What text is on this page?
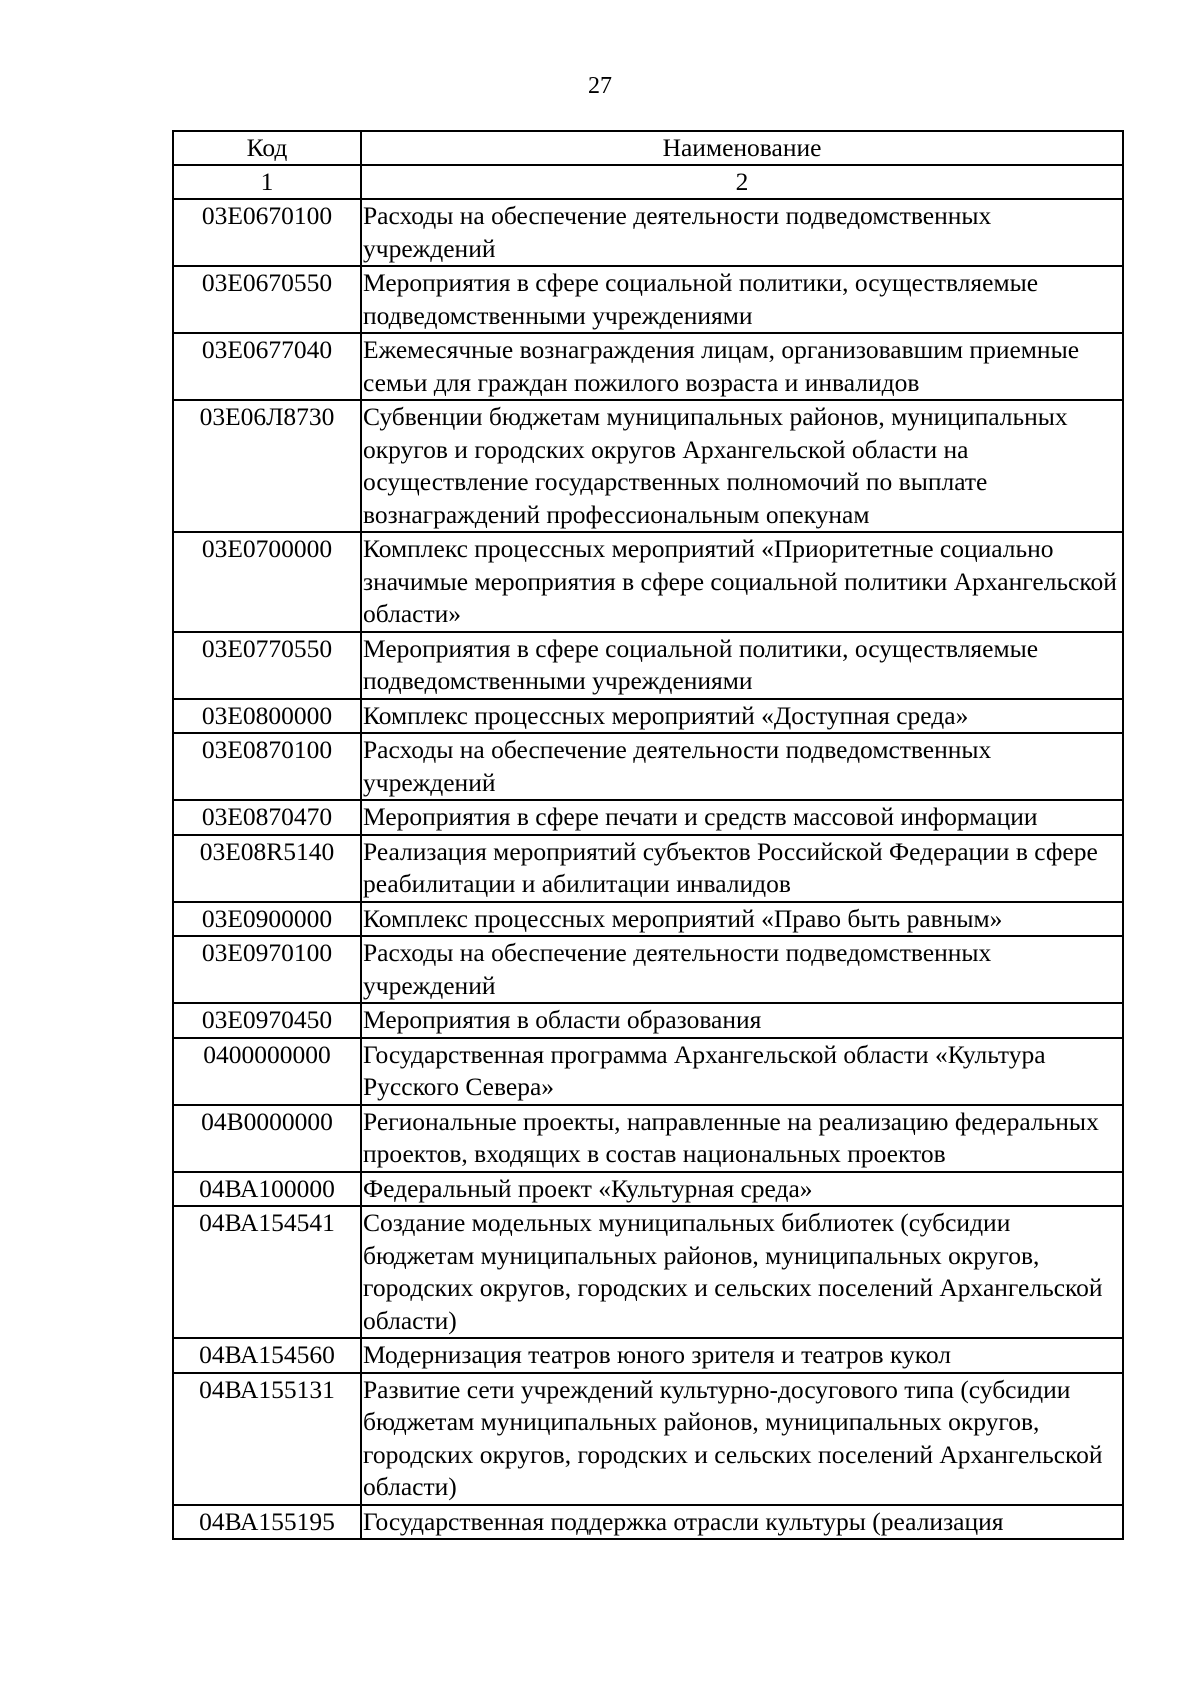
27
Код	Наименование
1	2
03Е0670100	Расходы на обеспечение деятельности подведомственных учреждений
03Е0670550	Мероприятия в сфере социальной политики, осуществляемые подведомственными учреждениями
03Е0677040	Ежемесячные вознаграждения лицам, организовавшим приемные семьи для граждан пожилого возраста и инвалидов
03Е06Л8730	Субвенции бюджетам муниципальных районов, муниципальных округов и городских округов Архангельской области на осуществление государственных полномочий по выплате вознаграждений профессиональным опекунам
03Е0700000	Комплекс процессных мероприятий «Приоритетные социально значимые мероприятия в сфере социальной политики Архангельской области»
03Е0770550	Мероприятия в сфере социальной политики, осуществляемые подведомственными учреждениями
03Е0800000	Комплекс процессных мероприятий «Доступная среда»
03Е0870100	Расходы на обеспечение деятельности подведомственных учреждений
03Е0870470	Мероприятия в сфере печати и средств массовой информации
03Е08R5140	Реализация мероприятий субъектов Российской Федерации в сфере реабилитации и абилитации инвалидов
03Е0900000	Комплекс процессных мероприятий «Право быть равным»
03Е0970100	Расходы на обеспечение деятельности подведомственных учреждений
03Е0970450	Мероприятия в области образования
0400000000	Государственная программа Архангельской области «Культура Русского Севера»
04В0000000	Региональные проекты, направленные на реализацию федеральных проектов, входящих в состав национальных проектов
04ВА100000	Федеральный проект «Культурная среда»
04ВА154541	Создание модельных муниципальных библиотек (субсидии бюджетам муниципальных районов, муниципальных округов, городских округов, городских и сельских поселений Архангельской области)
04ВА154560	Модернизация театров юного зрителя и театров кукол
04ВА155131	Развитие сети учреждений культурно-досугового типа (субсидии бюджетам муниципальных районов, муниципальных округов, городских округов, городских и сельских поселений Архангельской области)
04ВА155195	Государственная поддержка отрасли культуры (реализация
